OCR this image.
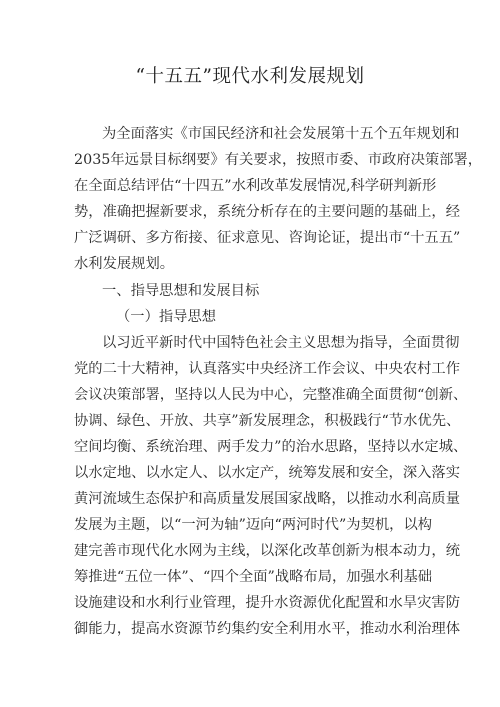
“十五五”现代水利发展规划
为全面落实《市国民经济和社会发展第十五个五年规划和
2035年远景目标纲要》有关要求，按照市委、市政府决策部署，
在全面总结评估“十四五”水利改革发展情况,科学研判新形
势，准确把握新要求，系统分析存在的主要问题的基础上，经
广泛调研、多方衔接、征求意见、咨询论证，提出市“十五五”
水利发展规划。
一、指导思想和发展目标
（一）指导思想
以习近平新时代中国特色社会主义思想为指导，全面贯彻
党的二十大精神，认真落实中央经济工作会议、中央农村工作
会议决策部署，坚持以人民为中心，完整准确全面贯彻“创新、
协调、绿色、开放、共享”新发展理念，积极践行“节水优先、
空间均衡、系统治理、两手发力”的治水思路，坚持以水定城、
以水定地、以水定人、以水定产，统筹发展和安全，深入落实
黄河流域生态保护和高质量发展国家战略，以推动水利高质量
发展为主题，以“一河为轴”迈向“两河时代”为契机，以构
建完善市现代化水网为主线，以深化改革创新为根本动力，统
筹推进“五位一体”、“四个全面”战略布局，加强水利基础
设施建设和水利行业管理，提升水资源优化配置和水旱灾害防
御能力，提高水资源节约集约安全利用水平，推动水利治理体
